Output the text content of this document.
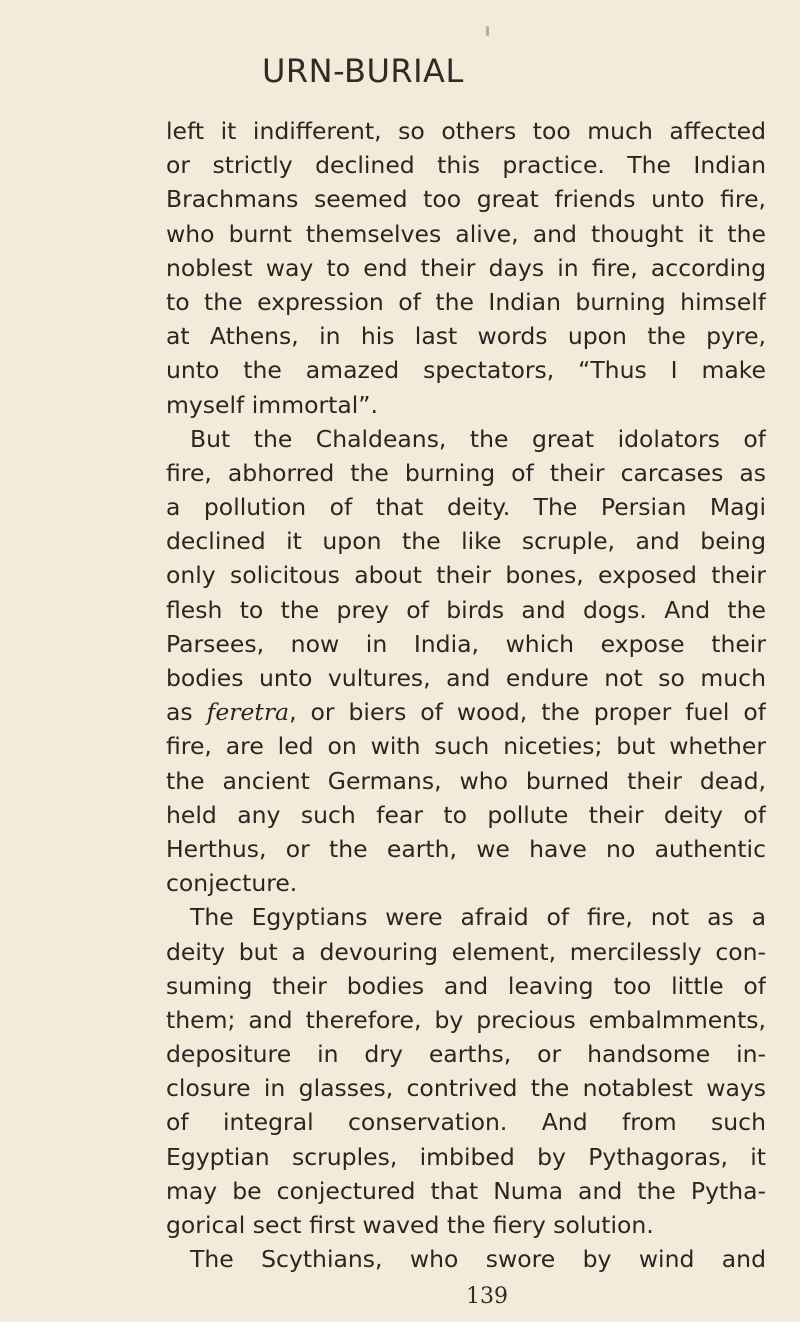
URN-BURIAL
left it indifferent, so others too much affected
or strictly declined this practice. The Indian
Brachmans seemed too great friends unto fire,
who burnt themselves alive, and thought it the
noblest way to end their days in fire, according
to the expression of the Indian burning himself
at Athens, in his last words upon the pyre,
unto the amazed spectators, “Thus I make
myself immortal”.
But the Chaldeans, the great idolators of
fire, abhorred the burning of their carcases as
a pollution of that deity. The Persian Magi
declined it upon the like scruple, and being
only solicitous about their bones, exposed their
flesh to the prey of birds and dogs. And the
Parsees, now in India, which expose their
bodies unto vultures, and endure not so much
as feretra, or biers of wood, the proper fuel of
fire, are led on with such niceties; but whether
the ancient Germans, who burned their dead,
held any such fear to pollute their deity of
Herthus, or the earth, we have no authentic
conjecture.
The Egyptians were afraid of fire, not as a
deity but a devouring element, mercilessly con-
suming their bodies and leaving too little of
them; and therefore, by precious embalmments,
depositure in dry earths, or handsome in-
closure in glasses, contrived the notablest ways
of integral conservation. And from such
Egyptian scruples, imbibed by Pythagoras, it
may be conjectured that Numa and the Pytha-
gorical sect first waved the fiery solution.
The Scythians, who swore by wind and
139
